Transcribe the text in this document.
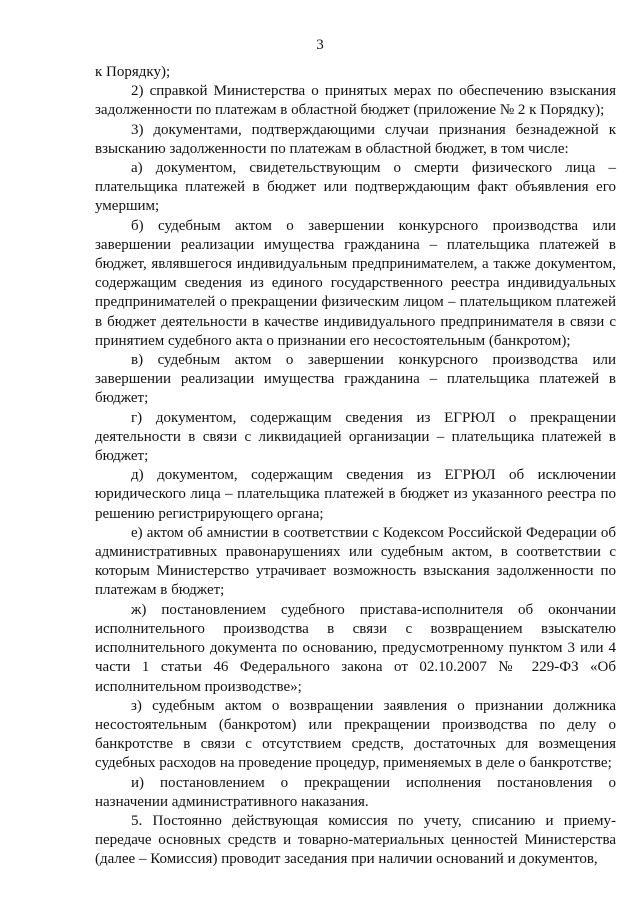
3

к Порядку);

2) справкой Министерства о принятых мерах по обеспечению взыскания задолженности по платежам в областной бюджет (приложение № 2 к Порядку);

3) документами, подтверждающими случаи признания безнадежной к взысканию задолженности по платежам в областной бюджет, в том числе:

а) документом, свидетельствующим о смерти физического лица – плательщика платежей в бюджет или подтверждающим факт объявления его умершим;

б) судебным актом о завершении конкурсного производства или завершении реализации имущества гражданина – плательщика платежей в бюджет, являвшегося индивидуальным предпринимателем, а также документом, содержащим сведения из единого государственного реестра индивидуальных предпринимателей о прекращении физическим лицом – плательщиком платежей в бюджет деятельности в качестве индивидуального предпринимателя в связи с принятием судебного акта о признании его несостоятельным (банкротом);

в) судебным актом о завершении конкурсного производства или завершении реализации имущества гражданина – плательщика платежей в бюджет;

г) документом, содержащим сведения из ЕГРЮЛ о прекращении деятельности в связи с ликвидацией организации – плательщика платежей в бюджет;

д) документом, содержащим сведения из ЕГРЮЛ об исключении юридического лица – плательщика платежей в бюджет из указанного реестра по решению регистрирующего органа;

е) актом об амнистии в соответствии с Кодексом Российской Федерации об административных правонарушениях или судебным актом, в соответствии с которым Министерство утрачивает возможность взыскания задолженности по платежам в бюджет;

ж) постановлением судебного пристава-исполнителя об окончании исполнительного производства в связи с возвращением взыскателю исполнительного документа по основанию, предусмотренному пунктом 3 или 4 части 1 статьи 46 Федерального закона от 02.10.2007 № 229-ФЗ «Об исполнительном производстве»;

з) судебным актом о возвращении заявления о признании должника несостоятельным (банкротом) или прекращении производства по делу о банкротстве в связи с отсутствием средств, достаточных для возмещения судебных расходов на проведение процедур, применяемых в деле о банкротстве;

и) постановлением о прекращении исполнения постановления о назначении административного наказания.

5. Постоянно действующая комиссия по учету, списанию и приему-передаче основных средств и товарно-материальных ценностей Министерства (далее – Комиссия) проводит заседания при наличии оснований и документов,
